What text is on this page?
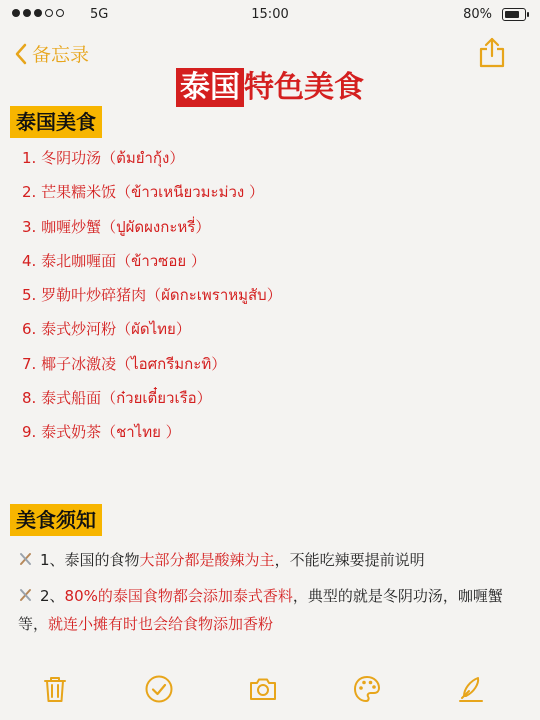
5G	15:00	80%
备忘录
泰国 特色美食
泰国美食
1. 冬阴功汤（ต้มยำกุ้ง）
2. 芒果糯米饭（ข้าวเหนียวมะม่วง ）
3. 咖喱炒蟹（ปูผัดผงกะหรี่）
4. 泰北咖喱面（ข้าวซอย ）
5. 罗勒叶炒碎猪肉（ผัดกะเพราหมูสับ）
6. 泰式炒河粉（ผัดไทย）
7. 椰子冰激凌（ไอศกรีมกะทิ）
8. 泰式船面（ก๋วยเตี๋ยวเรือ）
9. 泰式奶茶（ชาไทย ）
美食须知
1、泰国的食物大部分都是酸辣为主，不能吃辣要提前说明
2、80%的泰国食物都会添加泰式香料，典型的就是冬阴功汤，咖喱蟹等，就连小摊有时也会给食物添加香粉
